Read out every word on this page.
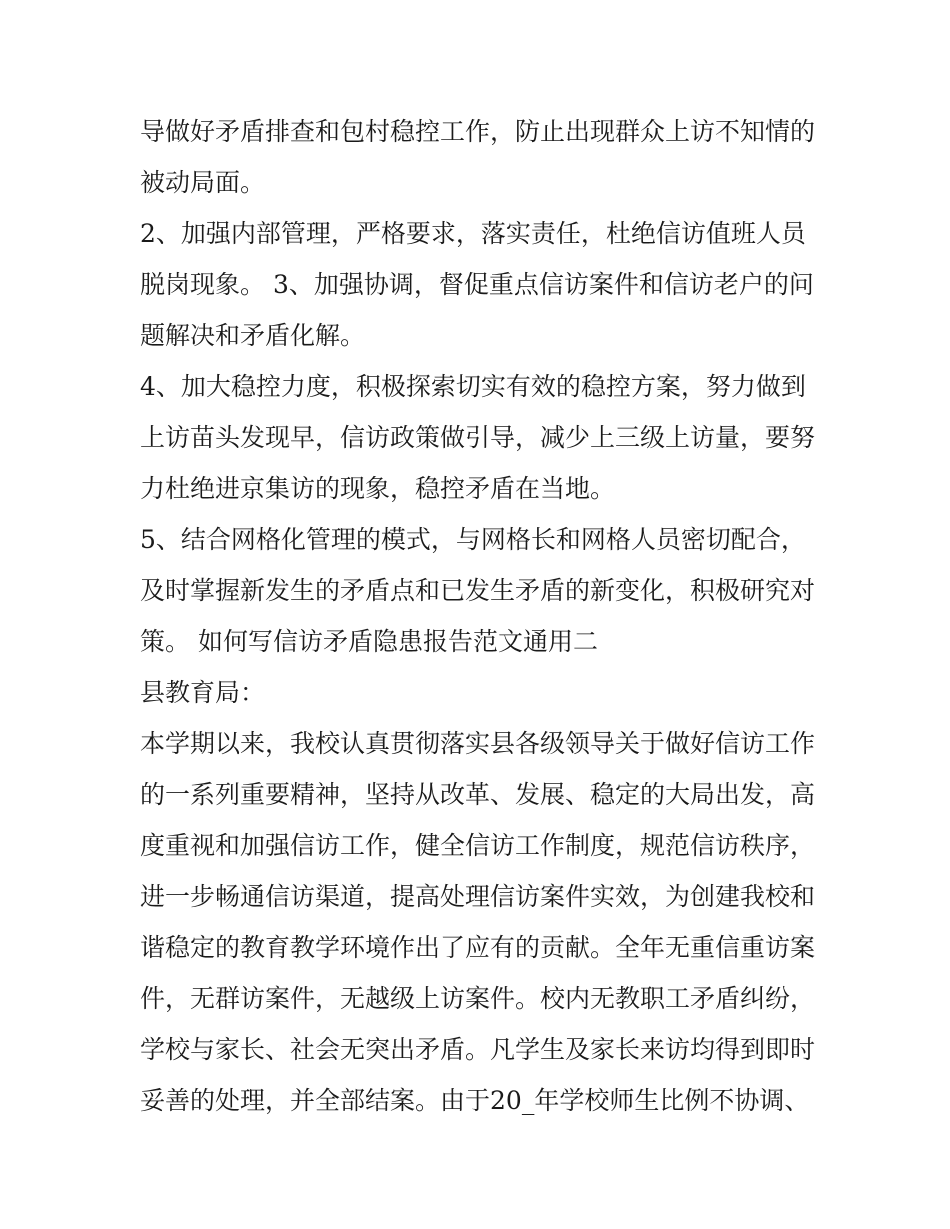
导做好矛盾排查和包村稳控工作，防止出现群众上访不知情的
被动局面。
2、加强内部管理，严格要求，落实责任，杜绝信访值班人员
脱岗现象。 3、加强协调，督促重点信访案件和信访老户的问
题解决和矛盾化解。
4、加大稳控力度，积极探索切实有效的稳控方案，努力做到
上访苗头发现早，信访政策做引导，减少上三级上访量，要努
力杜绝进京集访的现象，稳控矛盾在当地。
5、结合网格化管理的模式，与网格长和网格人员密切配合，
及时掌握新发生的矛盾点和已发生矛盾的新变化，积极研究对
策。 如何写信访矛盾隐患报告范文通用二
县教育局：
本学期以来，我校认真贯彻落实县各级领导关于做好信访工作
的一系列重要精神，坚持从改革、发展、稳定的大局出发，高
度重视和加强信访工作，健全信访工作制度，规范信访秩序，
进一步畅通信访渠道，提高处理信访案件实效，为创建我校和
谐稳定的教育教学环境作出了应有的贡献。全年无重信重访案
件，无群访案件，无越级上访案件。校内无教职工矛盾纠纷，
学校与家长、社会无突出矛盾。凡学生及家长来访均得到即时
妥善的处理，并全部结案。由于20_年学校师生比例不协调、
